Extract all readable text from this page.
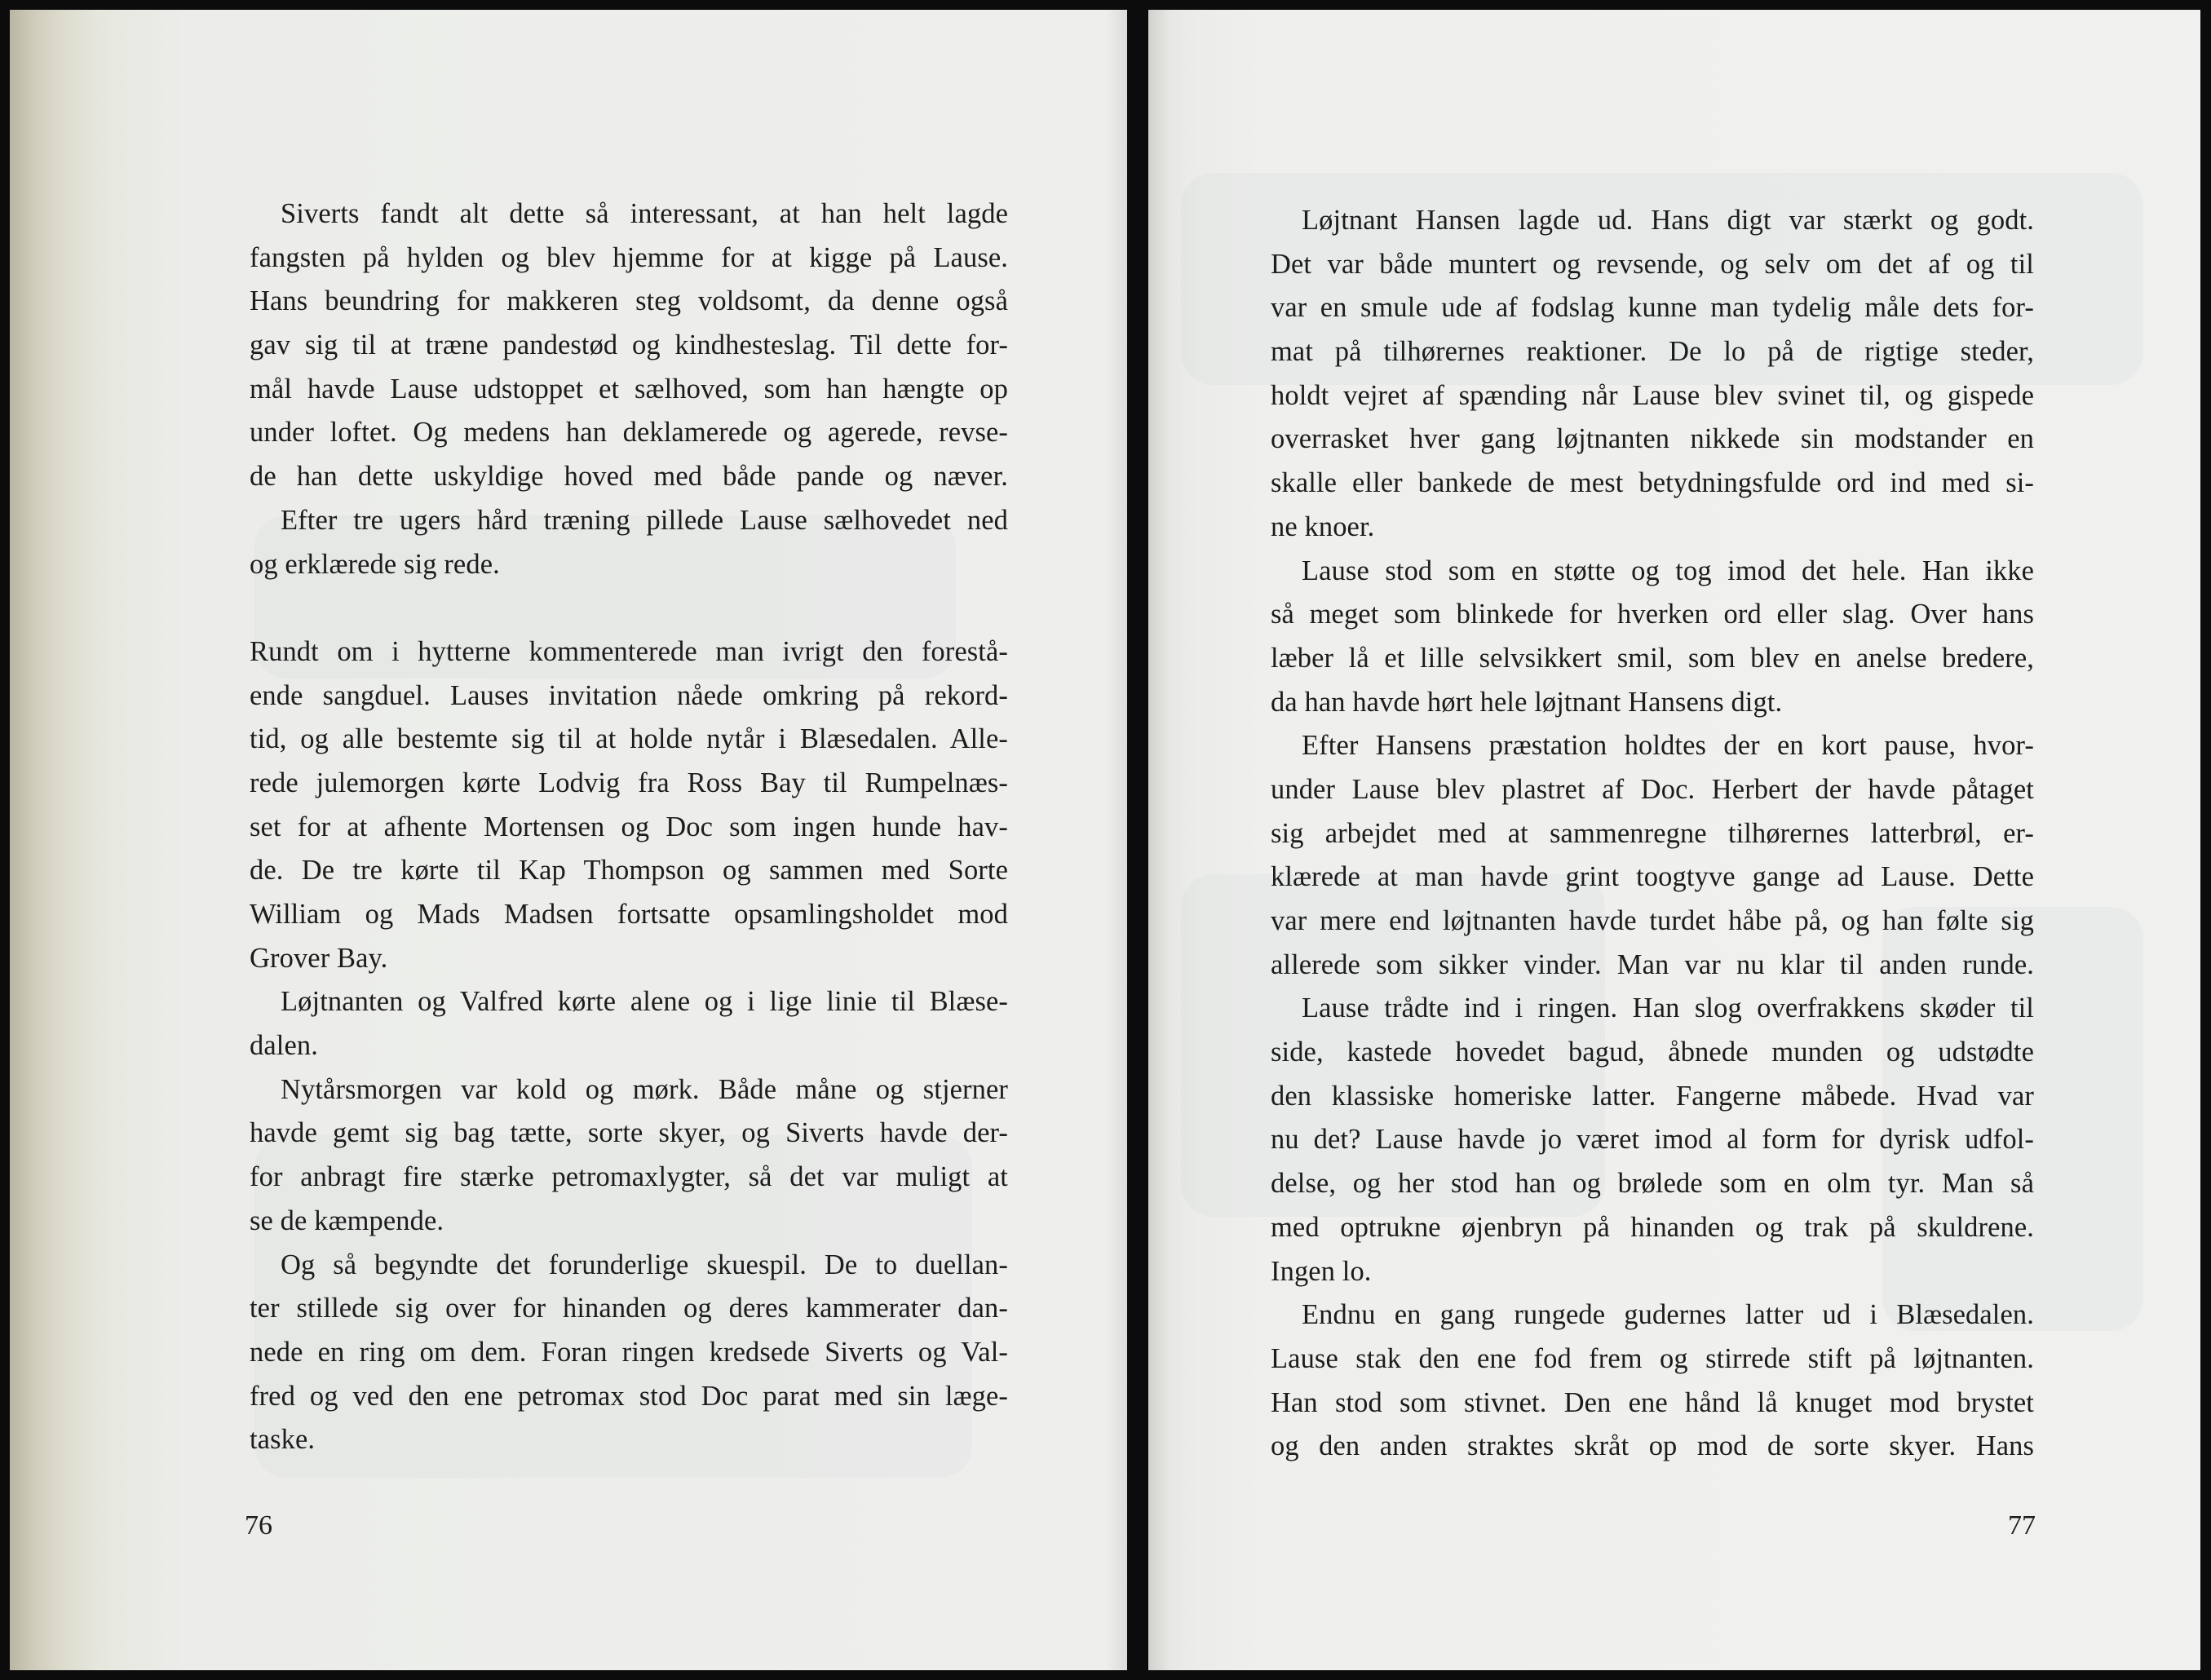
Siverts fandt alt dette så interessant, at han helt lagde
fangsten på hylden og blev hjemme for at kigge på Lause.
Hans beundring for makkeren steg voldsomt, da denne også
gav sig til at træne pandestød og kindhesteslag. Til dette for-
mål havde Lause udstoppet et sælhoved, som han hængte op
under loftet. Og medens han deklamerede og agerede, revse-
de han dette uskyldige hoved med både pande og næver.
Efter tre ugers hård træning pillede Lause sælhovedet ned
og erklærede sig rede.
Rundt om i hytterne kommenterede man ivrigt den forestå-
ende sangduel. Lauses invitation nåede omkring på rekord-
tid, og alle bestemte sig til at holde nytår i Blæsedalen. Alle-
rede julemorgen kørte Lodvig fra Ross Bay til Rumpelnæs-
set for at afhente Mortensen og Doc som ingen hunde hav-
de. De tre kørte til Kap Thompson og sammen med Sorte
William og Mads Madsen fortsatte opsamlingsholdet mod
Grover Bay.
Løjtnanten og Valfred kørte alene og i lige linie til Blæse-
dalen.
Nytårsmorgen var kold og mørk. Både måne og stjerner
havde gemt sig bag tætte, sorte skyer, og Siverts havde der-
for anbragt fire stærke petromaxlygter, så det var muligt at
se de kæmpende.
Og så begyndte det forunderlige skuespil. De to duellan-
ter stillede sig over for hinanden og deres kammerater dan-
nede en ring om dem. Foran ringen kredsede Siverts og Val-
fred og ved den ene petromax stod Doc parat med sin læge-
taske.
76
Løjtnant Hansen lagde ud. Hans digt var stærkt og godt.
Det var både muntert og revsende, og selv om det af og til
var en smule ude af fodslag kunne man tydelig måle dets for-
mat på tilhørernes reaktioner. De lo på de rigtige steder,
holdt vejret af spænding når Lause blev svinet til, og gispede
overrasket hver gang løjtnanten nikkede sin modstander en
skalle eller bankede de mest betydningsfulde ord ind med si-
ne knoer.
Lause stod som en støtte og tog imod det hele. Han ikke
så meget som blinkede for hverken ord eller slag. Over hans
læber lå et lille selvsikkert smil, som blev en anelse bredere,
da han havde hørt hele løjtnant Hansens digt.
Efter Hansens præstation holdtes der en kort pause, hvor-
under Lause blev plastret af Doc. Herbert der havde påtaget
sig arbejdet med at sammenregne tilhørernes latterbrøl, er-
klærede at man havde grint toogtyve gange ad Lause. Dette
var mere end løjtnanten havde turdet håbe på, og han følte sig
allerede som sikker vinder. Man var nu klar til anden runde.
Lause trådte ind i ringen. Han slog overfrakkens skøder til
side, kastede hovedet bagud, åbnede munden og udstødte
den klassiske homeriske latter. Fangerne måbede. Hvad var
nu det? Lause havde jo været imod al form for dyrisk udfol-
delse, og her stod han og brølede som en olm tyr. Man så
med optrukne øjenbryn på hinanden og trak på skuldrene.
Ingen lo.
Endnu en gang rungede gudernes latter ud i Blæsedalen.
Lause stak den ene fod frem og stirrede stift på løjtnanten.
Han stod som stivnet. Den ene hånd lå knuget mod brystet
og den anden straktes skråt op mod de sorte skyer. Hans
77
